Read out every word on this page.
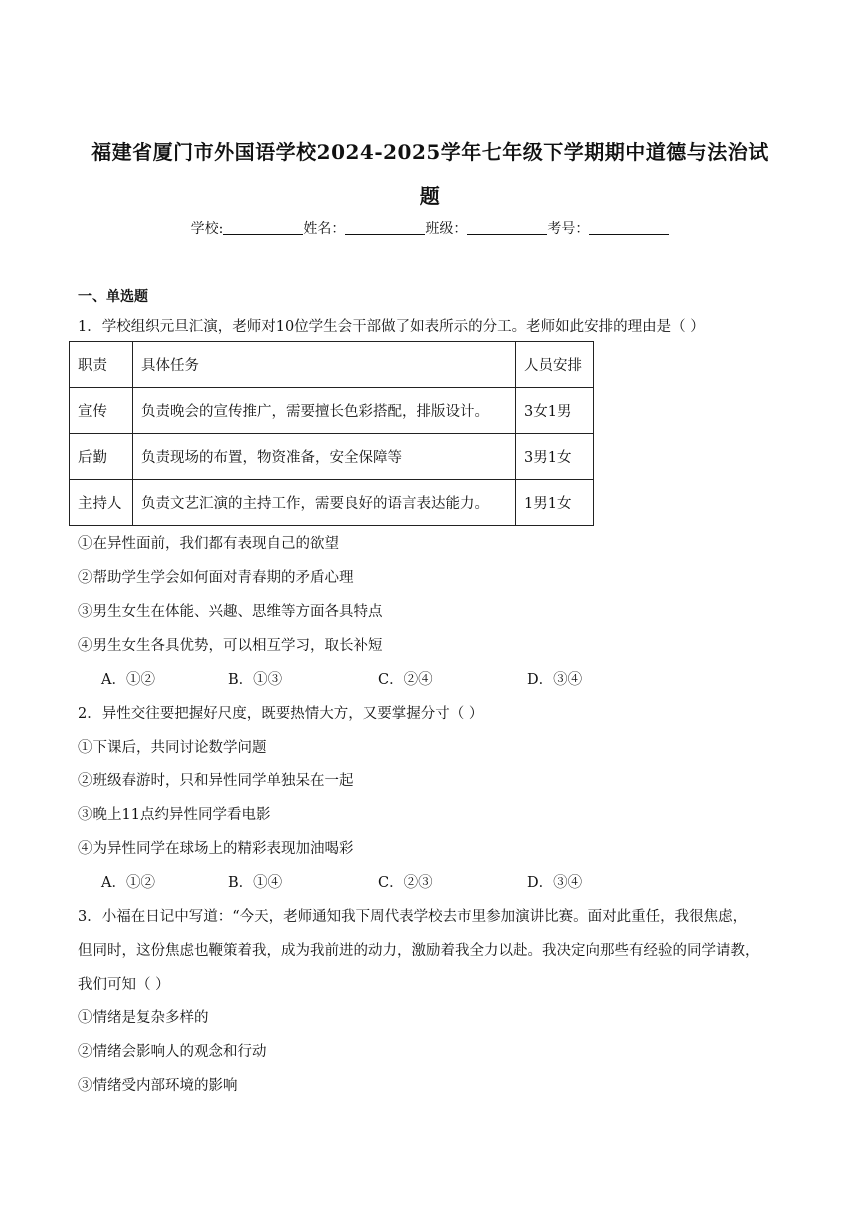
福建省厦门市外国语学校2024-2025学年七年级下学期期中道德与法治试
题
学校:	姓名：	班级：	考号：
一、单选题
1．学校组织元旦汇演，老师对10位学生会干部做了如表所示的分工。老师如此安排的理由是（ ）
职责	具体任务	人员安排
宣传	负责晚会的宣传推广，需要擅长色彩搭配，排版设计。	3女1男
后勤	负责现场的布置，物资准备，安全保障等	3男1女
主持人	负责文艺汇演的主持工作，需要良好的语言表达能力。	1男1女
①在异性面前，我们都有表现自己的欲望
②帮助学生学会如何面对青春期的矛盾心理
③男生女生在体能、兴趣、思维等方面各具特点
④男生女生各具优势，可以相互学习，取长补短
A．①②	B．①③	C．②④	D．③④
2．异性交往要把握好尺度，既要热情大方，又要掌握分寸（ ）
①下课后，共同讨论数学问题
②班级春游时，只和异性同学单独呆在一起
③晚上11点约异性同学看电影
④为异性同学在球场上的精彩表现加油喝彩
A．①②	B．①④	C．②③	D．③④
3．小福在日记中写道：“今天，老师通知我下周代表学校去市里参加演讲比赛。面对此重任，我很焦虑，
但同时，这份焦虑也鞭策着我，成为我前进的动力，激励着我全力以赴。我决定向那些有经验的同学请教，
我们可知（ ）
①情绪是复杂多样的
②情绪会影响人的观念和行动
③情绪受内部环境的影响
